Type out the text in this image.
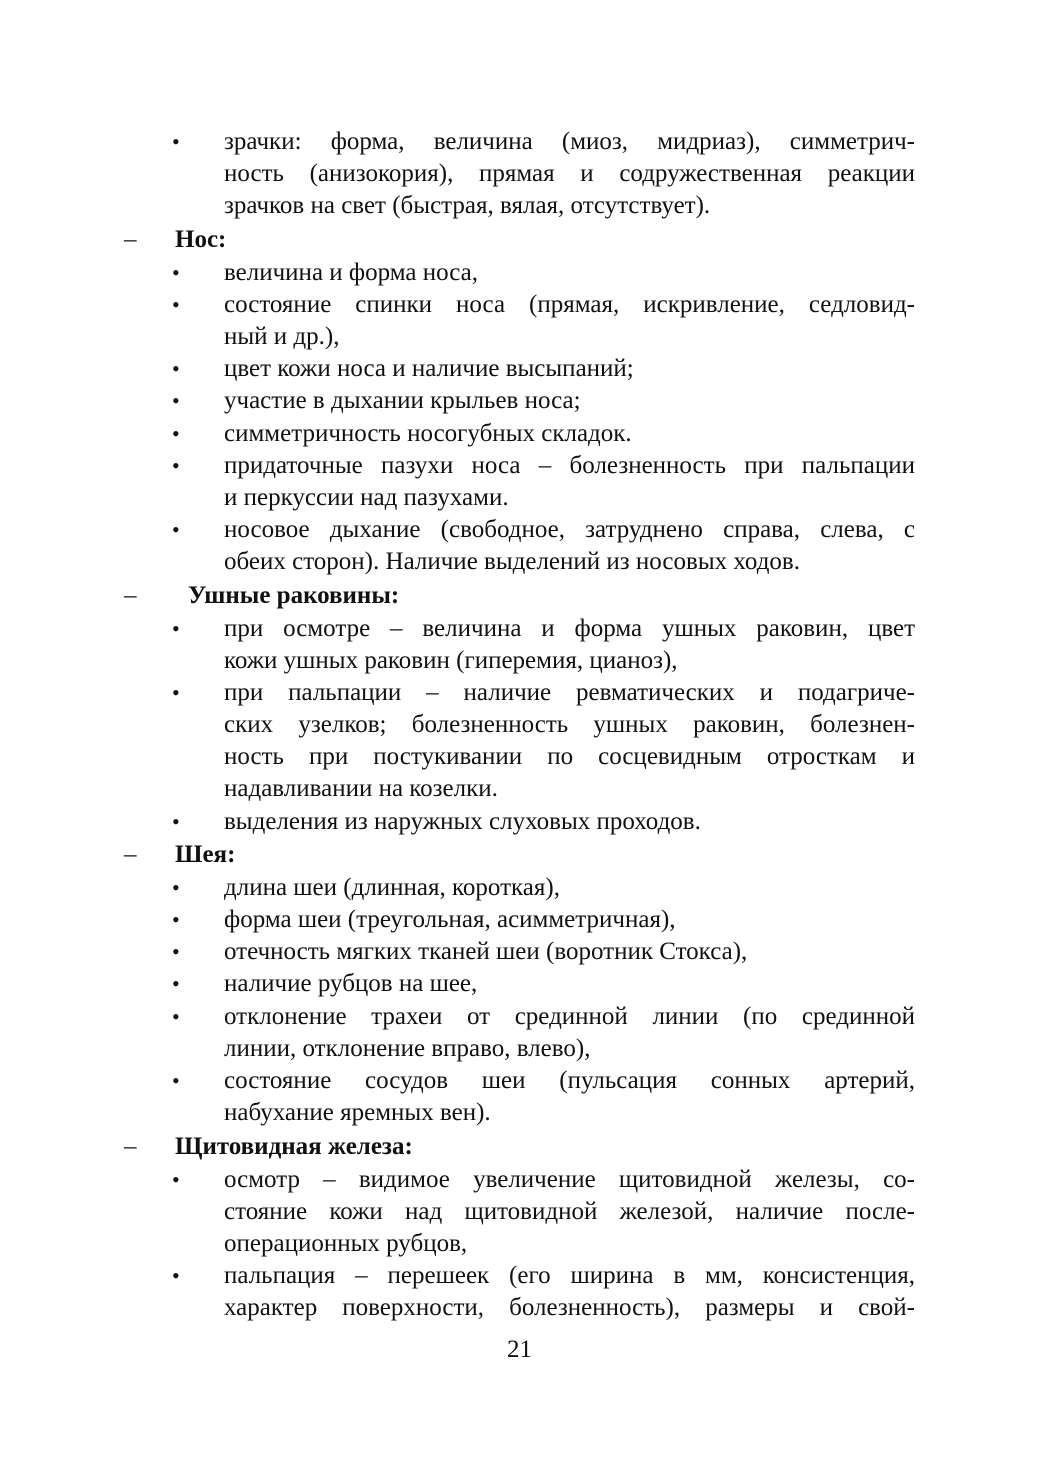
• зрачки: форма, величина (миоз, мидриаз), симметрич-
ность (анизокория), прямая и содружественная реакции
зрачков на свет (быстрая, вялая, отсутствует).
– Нос:
• величина и форма носа,
• состояние спинки носа (прямая, искривление, седловид-
ный и др.),
• цвет кожи носа и наличие высыпаний;
• участие в дыхании крыльев носа;
• симметричность носогубных складок.
• придаточные пазухи носа – болезненность при пальпации
и перкуссии над пазухами.
• носовое дыхание (свободное, затруднено справа, слева, с
обеих сторон). Наличие выделений из носовых ходов.
– Ушные раковины:
• при осмотре – величина и форма ушных раковин, цвет
кожи ушных раковин (гиперемия, цианоз),
• при пальпации – наличие ревматических и подагриче-
ских узелков; болезненность ушных раковин, болезнен-
ность при постукивании по сосцевидным отросткам и
надавливании на козелки.
• выделения из наружных слуховых проходов.
– Шея:
• длина шеи (длинная, короткая),
• форма шеи (треугольная, асимметричная),
• отечность мягких тканей шеи (воротник Стокса),
• наличие рубцов на шее,
• отклонение трахеи от срединной линии (по срединной
линии, отклонение вправо, влево),
• состояние сосудов шеи (пульсация сонных артерий,
набухание яремных вен).
– Щитовидная железа:
• осмотр – видимое увеличение щитовидной железы, со-
стояние кожи над щитовидной железой, наличие после-
операционных рубцов,
• пальпация – перешеек (его ширина в мм, консистенция,
характер поверхности, болезненность), размеры и свой-
21
